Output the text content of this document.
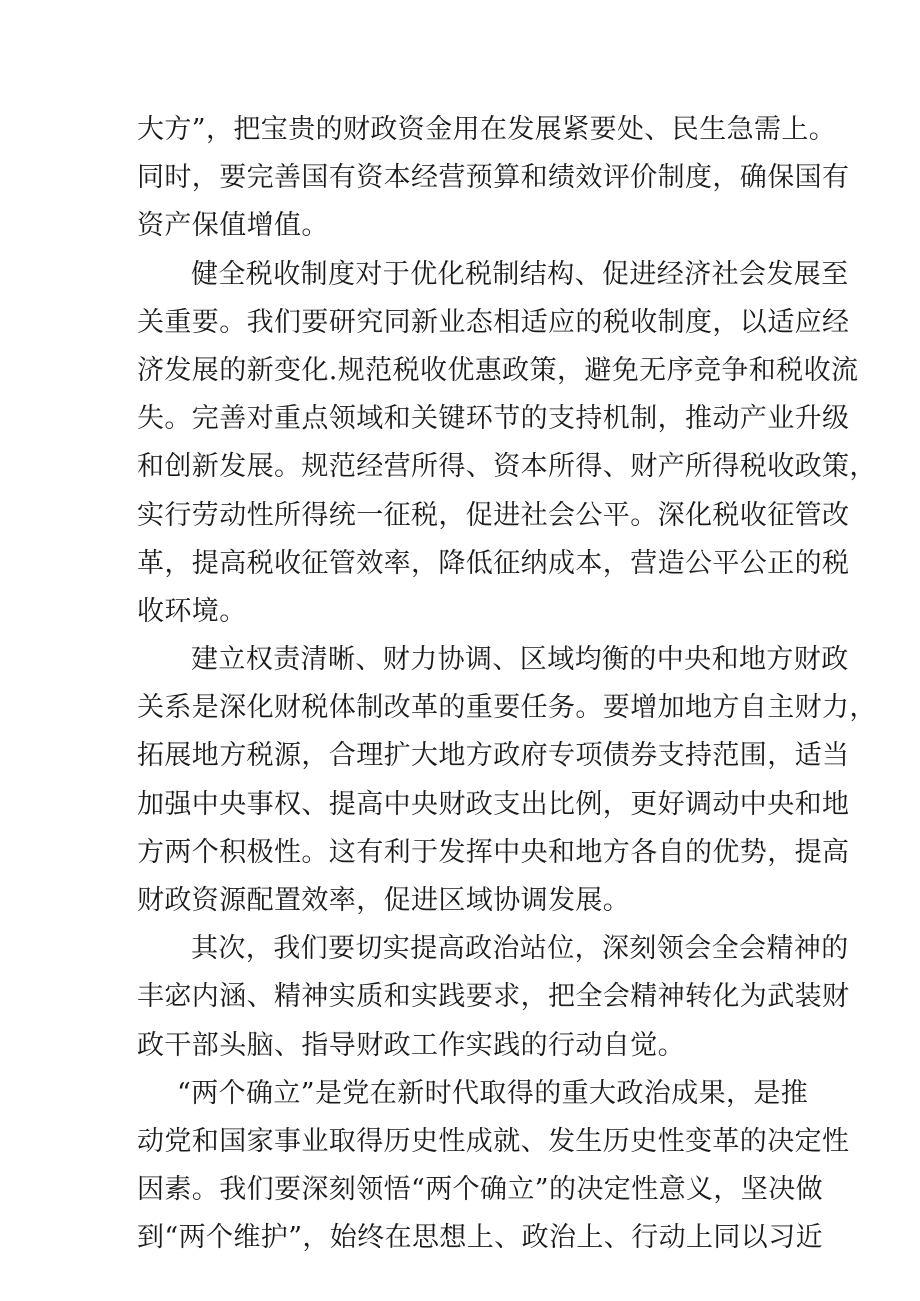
大方”，把宝贵的财政资金用在发展紧要处、民生急需上。
同时，要完善国有资本经营预算和绩效评价制度，确保国有
资产保值增值。
健全税收制度对于优化税制结构、促进经济社会发展至
关重要。我们要研究同新业态相适应的税收制度，以适应经
济发展的新变化.规范税收优惠政策，避免无序竞争和税收流
失。完善对重点领域和关键环节的支持机制，推动产业升级
和创新发展。规范经营所得、资本所得、财产所得税收政策，
实行劳动性所得统一征税，促进社会公平。深化税收征管改
革，提高税收征管效率，降低征纳成本，营造公平公正的税
收环境。
建立权责清晰、财力协调、区域均衡的中央和地方财政
关系是深化财税体制改革的重要任务。要增加地方自主财力，
拓展地方税源，合理扩大地方政府专项债券支持范围，适当
加强中央事权、提高中央财政支出比例，更好调动中央和地
方两个积极性。这有利于发挥中央和地方各自的优势，提高
财政资源配置效率，促进区域协调发展。
其次，我们要切实提高政治站位，深刻领会全会精神的
丰宓内涵、精神实质和实践要求，把全会精神转化为武装财
政干部头脑、指导财政工作实践的行动自觉。
“两个确立”是党在新时代取得的重大政治成果，是推
动党和国家事业取得历史性成就、发生历史性变革的决定性
因素。我们要深刻领悟“两个确立”的决定性意义，坚决做
到“两个维护”，始终在思想上、政治上、行动上同以习近
